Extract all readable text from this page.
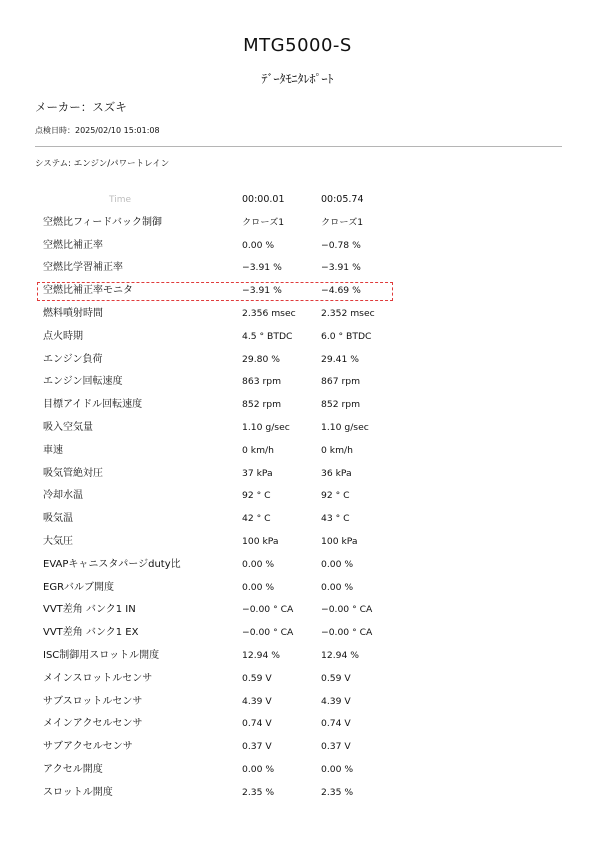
MTG5000-S
ﾃﾞｰﾀﾓﾆﾀﾚﾎﾟｰﾄ
メーカー：スズキ
点検日時：2025/02/10 15:01:08
システム: エンジン/パワートレイン
Time	00:00.01	00:05.74
空燃比フィードバック制御	クローズ1	クローズ1
空燃比補正率	0.00 %	−0.78 %
空燃比学習補正率	−3.91 %	−3.91 %
空燃比補正率モニタ	−3.91 %	−4.69 %
燃料噴射時間	2.356 msec	2.352 msec
点火時期	4.5 ° BTDC	6.0 ° BTDC
エンジン負荷	29.80 %	29.41 %
エンジン回転速度	863 rpm	867 rpm
目標アイドル回転速度	852 rpm	852 rpm
吸入空気量	1.10 g/sec	1.10 g/sec
車速	0 km/h	0 km/h
吸気管絶対圧	37 kPa	36 kPa
冷却水温	92 ° C	92 ° C
吸気温	42 ° C	43 ° C
大気圧	100 kPa	100 kPa
EVAPキャニスタパージduty比	0.00 %	0.00 %
EGRバルブ開度	0.00 %	0.00 %
VVT差角 バンク1 IN	−0.00 ° CA	−0.00 ° CA
VVT差角 バンク1 EX	−0.00 ° CA	−0.00 ° CA
ISC制御用スロットル開度	12.94 %	12.94 %
メインスロットルセンサ	0.59 V	0.59 V
サブスロットルセンサ	4.39 V	4.39 V
メインアクセルセンサ	0.74 V	0.74 V
サブアクセルセンサ	0.37 V	0.37 V
アクセル開度	0.00 %	0.00 %
スロットル開度	2.35 %	2.35 %
